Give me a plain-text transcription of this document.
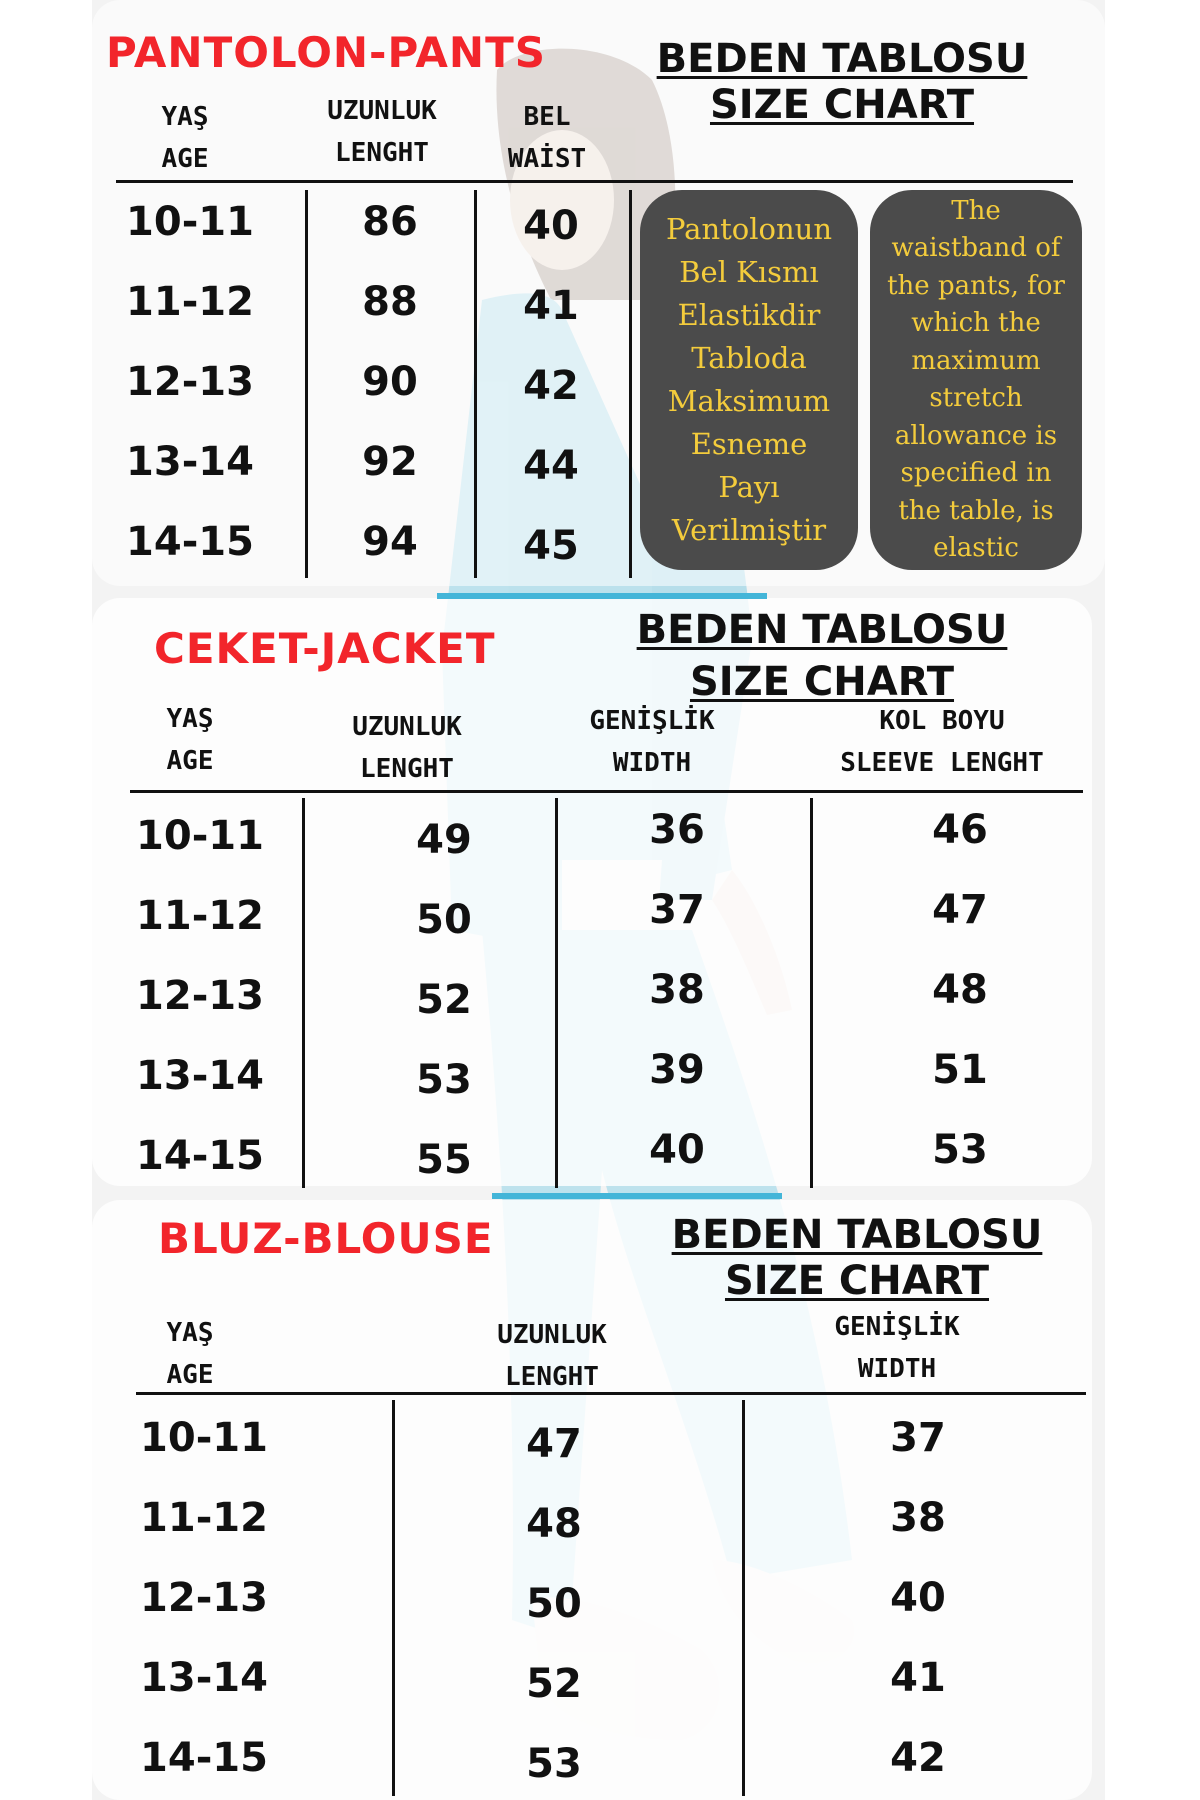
PANTOLON-PANTS	BEDEN TABLOSU
SIZE CHART
YAŞ
AGE
UZUNLUK
LENGHT
BEL
WAİST
10-11	86	40
11-12	88	41
12-13	90	42
13-14	92	44
14-15	94	45
Pantolonun Bel Kısmı Elastikdir Tabloda Maksimum Esneme Payı Verilmiştir
The waistband of the pants, for which the maximum stretch allowance is specified in the table, is elastic
CEKET-JACKET	BEDEN TABLOSU
SIZE CHART
YAŞ
AGE
UZUNLUK
LENGHT
GENİŞLİK
WIDTH
KOL BOYU
SLEEVE LENGHT
10-11	49	36	46
11-12	50	37	47
12-13	52	38	48
13-14	53	39	51
14-15	55	40	53
BLUZ-BLOUSE	BEDEN TABLOSU
SIZE CHART
YAŞ
AGE
UZUNLUK
LENGHT
GENİŞLİK
WIDTH
10-11	47	37
11-12	48	38
12-13	50	40
13-14	52	41
14-15	53	42
